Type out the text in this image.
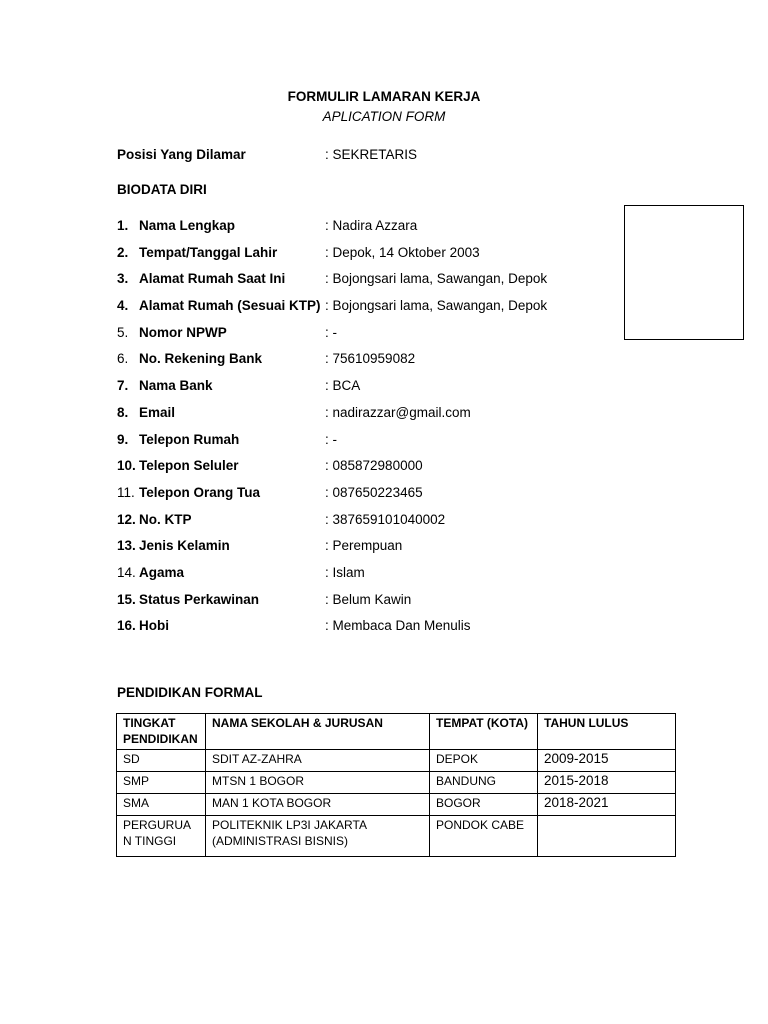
FORMULIR LAMARAN KERJA
APLICATION FORM
Posisi Yang Dilamar	: SEKRETARIS
BIODATA DIRI
1. Nama Lengkap	: Nadira Azzara
2. Tempat/Tanggal Lahir	: Depok, 14 Oktober 2003
3. Alamat Rumah Saat Ini	: Bojongsari lama, Sawangan, Depok
4. Alamat Rumah (Sesuai KTP) : Bojongsari lama, Sawangan, Depok
5. Nomor NPWP	: -
6. No. Rekening Bank	: 75610959082
7. Nama Bank	: BCA
8. Email	: nadirazzar@gmail.com
9. Telepon Rumah	: -
10. Telepon Seluler	: 085872980000
11. Telepon Orang Tua	: 087650223465
12. No. KTP	: 387659101040002
13. Jenis Kelamin	: Perempuan
14. Agama	: Islam
15. Status Perkawinan	: Belum Kawin
16. Hobi	: Membaca Dan Menulis
PENDIDIKAN FORMAL
TINGKAT PENDIDIKAN	NAMA SEKOLAH & JURUSAN	TEMPAT (KOTA)	TAHUN LULUS
SD	SDIT AZ-ZAHRA	DEPOK	2009-2015
SMP	MTSN 1 BOGOR	BANDUNG	2015-2018
SMA	MAN 1 KOTA BOGOR	BOGOR	2018-2021
PERGURUAN TINGGI	POLITEKNIK LP3I JAKARTA (ADMINISTRASI BISNIS)	PONDOK CABE	
